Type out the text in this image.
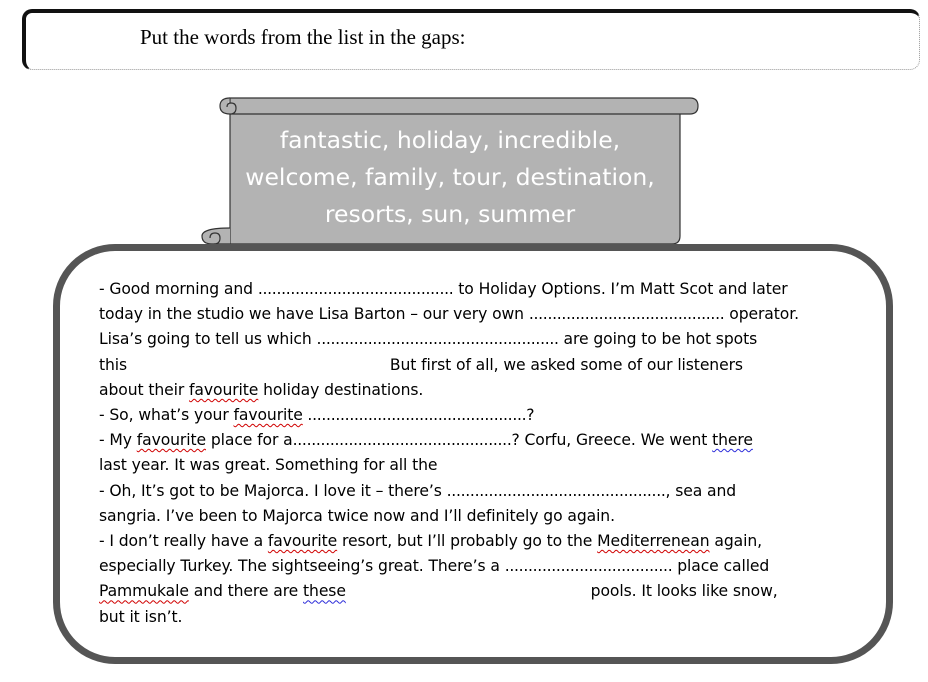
Put the words from the list in the gaps:
fantastic, holiday, incredible,
welcome, family, tour, destination,
resorts, sun, summer

- Good morning and .......................................... to Holiday Options. I’m Matt Scot and later

today in the studio we have Lisa Barton – our very own .......................................... operator.

Lisa’s going to tell us which .................................................... are going to be hot spots

this	But first of all, we asked some of our listeners

about their favourite holiday destinations.

- So, what’s your favourite ...............................................?

- My favourite place for a...............................................? Corfu, Greece. We went there

last year. It was great. Something for all the

- Oh, It’s got to be Majorca. I love it – there’s ..............................................., sea and

sangria. I’ve been to Majorca twice now and I’ll definitely go again.

- I don’t really have a favourite resort, but I’ll probably go to the Mediterrenean again,

especially Turkey. The sightseeing’s great. There’s a .................................... place called

Pammukale and there are these	pools. It looks like snow,

but it isn’t.
